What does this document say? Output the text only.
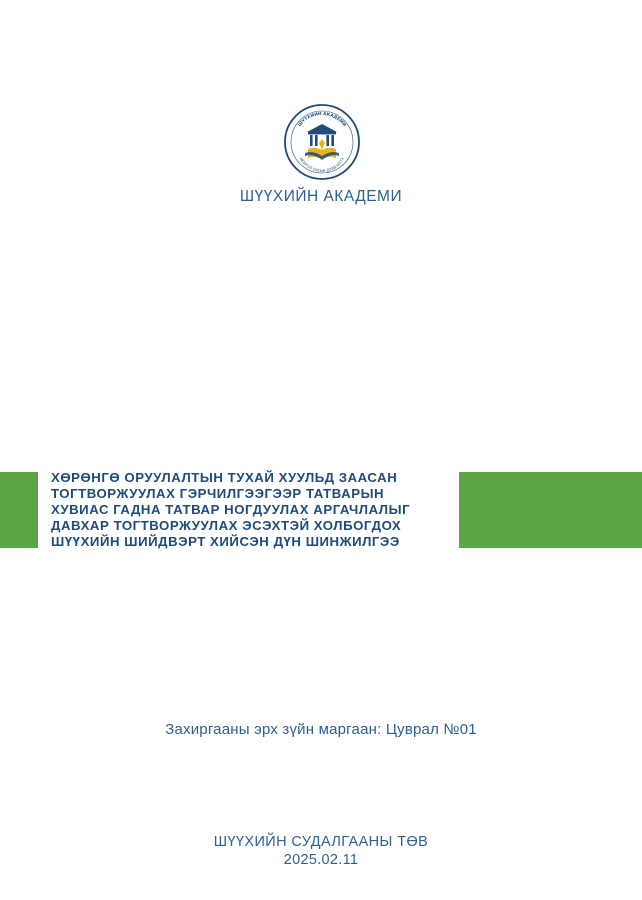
ШҮҮХИЙН АКАДЕМИ
МОНГОЛ УЛСЫН ДЭЭД ШҮҮХ
ШҮҮХИЙН АКАДЕМИ
ХӨРӨНГӨ ОРУУЛАЛТЫН ТУХАЙ ХУУЛЬД ЗААСАН
ТОГТВОРЖУУЛАХ ГЭРЧИЛГЭЭГЭЭР ТАТВАРЫН
ХУВИАС ГАДНА ТАТВАР НОГДУУЛАХ АРГАЧЛАЛЫГ
ДАВХАР ТОГТВОРЖУУЛАХ ЭСЭХТЭЙ ХОЛБОГДОХ
ШҮҮХИЙН ШИЙДВЭРТ ХИЙСЭН ДҮН ШИНЖИЛГЭЭ
Захиргааны эрх зүйн маргаан: Цуврал №01
ШҮҮХИЙН СУДАЛГААНЫ ТӨВ
2025.02.11
